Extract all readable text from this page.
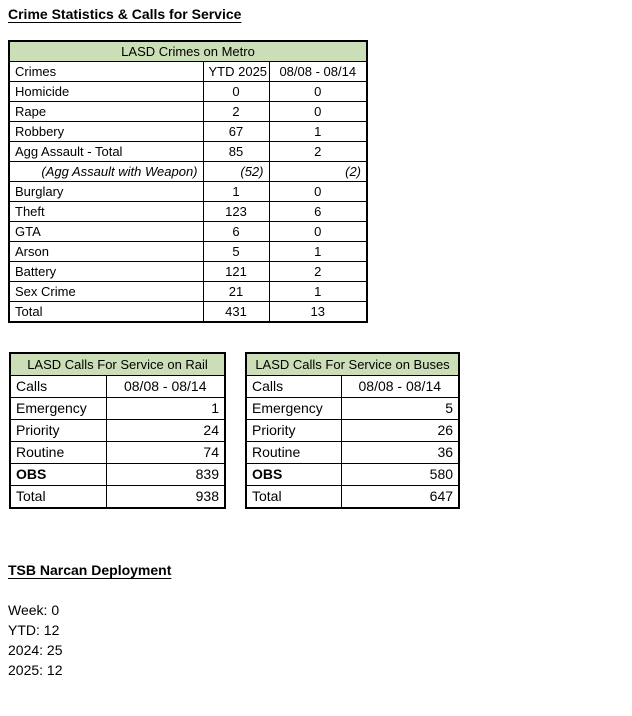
Crime Statistics & Calls for Service
LASD Crimes on Metro		
Crimes	YTD 2025	08/08 - 08/14
Homicide	0	0
Rape	2	0
Robbery	67	1
Agg Assault - Total	85	2
(Agg Assault with Weapon)	(52)	(2)
Burglary	1	0
Theft	123	6
GTA	6	0
Arson	5	1
Battery	121	2
Sex Crime	21	1
Total	431	13
LASD Calls For Service on Rail	
Calls	08/08 - 08/14
Emergency	1
Priority	24
Routine	74
OBS	839
Total	938
LASD Calls For Service on Buses	
Calls	08/08 - 08/14
Emergency	5
Priority	26
Routine	36
OBS	580
Total	647
TSB Narcan Deployment
Week: 0
YTD: 12
2024: 25
2025: 12
